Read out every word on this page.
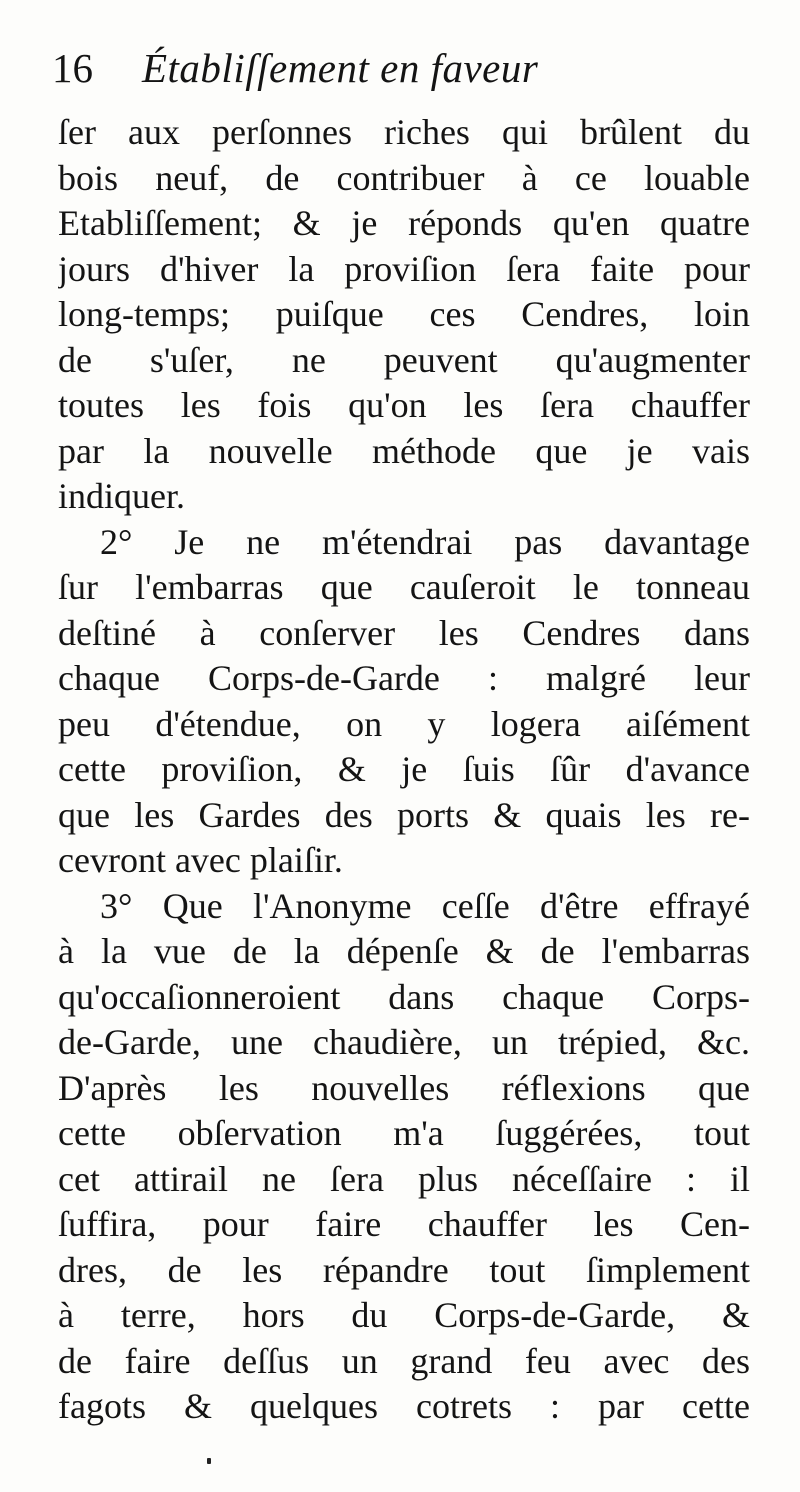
16 Établiſſement en faveur
ſer aux perſonnes riches qui brûlent du
bois neuf, de contribuer à ce louable
Etabliſſement; & je réponds qu'en quatre
jours d'hiver la proviſion ſera faite pour
long-temps; puiſque ces Cendres, loin
de s'uſer, ne peuvent qu'augmenter
toutes les fois qu'on les ſera chauffer
par la nouvelle méthode que je vais
indiquer.
2° Je ne m'étendrai pas davantage
ſur l'embarras que cauſeroit le tonneau
deſtiné à conſerver les Cendres dans
chaque Corps-de-Garde : malgré leur
peu d'étendue, on y logera aiſément
cette proviſion, & je ſuis ſûr d'avance
que les Gardes des ports & quais les re-
cevront avec plaiſir.
3° Que l'Anonyme ceſſe d'être effrayé
à la vue de la dépenſe & de l'embarras
qu'occaſionneroient dans chaque Corps-
de-Garde, une chaudière, un trépied, &c.
D'après les nouvelles réflexions que
cette obſervation m'a ſuggérées, tout
cet attirail ne ſera plus néceſſaire : il
ſuffira, pour faire chauffer les Cen-
dres, de les répandre tout ſimplement
à terre, hors du Corps-de-Garde, &
de faire deſſus un grand feu avec des
fagots & quelques cotrets : par cette
